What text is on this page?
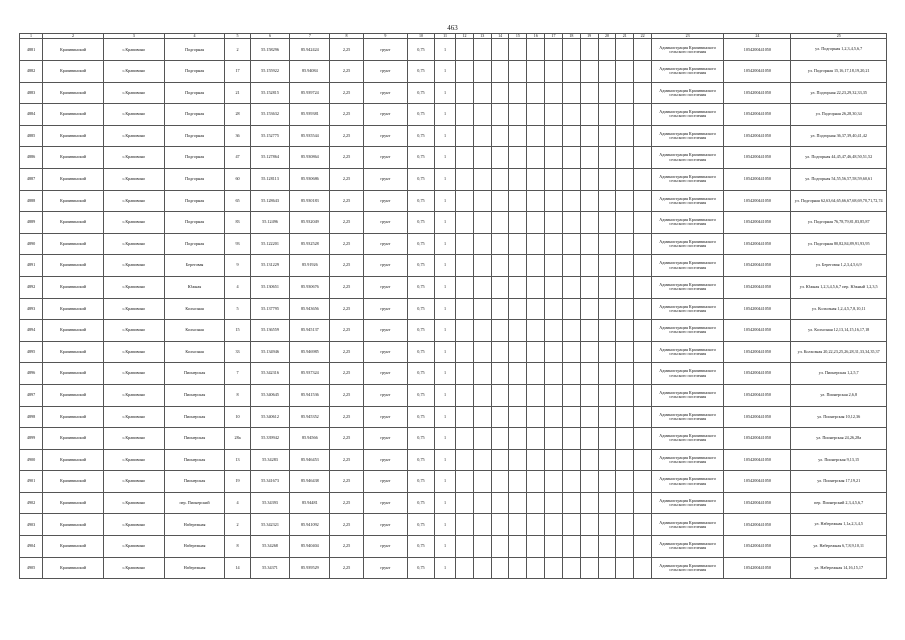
463
1	2	3	4	5	6	7	8	9	10	11	12	13	14	15	16	17	18	19	20	21	22	23	24	25
4881	Крапивинский	с.Крапивино	Подгорная	2	55.158296	85.942424	2,25	грунт	0,75	1												Администрация Крапивинского сельского поселения	1054200441050	ул. Подгорная 1,2,3,4,5,6,7
4882	Крапивинский	с.Крапивино	Подгорная	17	55.155922	85.94084	2,25	грунт	0,75	1												Администрация Крапивинского сельского поселения	1054200441050	ул. Подгорная 15,16,17,18,19,20,21
4883	Крапивинский	с.Крапивино	Подгорная	21	55.152815	85.939724	2,25	грунт	0,75	1												Администрация Крапивинского сельского поселения	1054200441050	ул. Подгорная 22,23,29,32,33,35
4884	Крапивинский	с.Крапивино	Подгорная	28	55.153632	85.939381	2,25	грунт	0,75	1												Администрация Крапивинского сельского поселения	1054200441050	ул. Подгорная 26,28,30,34
4885	Крапивинский	с.Крапивино	Подгорная	36	55.152775	85.935544	2,25	грунт	0,75	1												Администрация Крапивинского сельского поселения	1054200441050	ул. Подгорная 36,37,39,40,41,42
4886	Крапивинский	с.Крапивино	Подгорная	47	55.127864	85.930864	2,25	грунт	0,75	1												Администрация Крапивинского сельского поселения	1054200441050	ул. Подгорная 44,45,47,46,48,50,51,52
4887	Крапивинский	с.Крапивино	Подгорная	60	55.128113	85.930686	2,25	грунт	0,75	1												Администрация Крапивинского сельского поселения	1054200441050	ул. Подгорная 54,55,56,57,58,59,60,61
4888	Крапивинский	с.Крапивино	Подгорная	65	55.128643	85.930183	2,25	грунт	0,75	1												Администрация Крапивинского сельского поселения	1054200441050	ул. Подгорная 62,63,64,65,66,67,68,69,70,71,72,74
4889	Крапивинский	с.Крапивино	Подгорная	83	55.12496	85.932049	2,25	грунт	0,75	1												Администрация Крапивинского сельского поселения	1054200441050	ул. Подгорная 76,78,79,81,83,85,87
4890	Крапивинский	с.Крапивино	Подгорная	93	55.122201	85.932528	2,25	грунт	0,75	1												Администрация Крапивинского сельского поселения	1054200441050	ул. Подгорная 80,82,84,89,91,93,95
4891	Крапивинский	с.Крапивино	Береговая	9	55.131229	85.91926	2,25	грунт	0,75	1												Администрация Крапивинского сельского поселения	1054200441050	ул. Береговая 1,2,3,4,5,6,9
4892	Крапивинский	с.Крапивино	Южная	4	55.130651	85.930676	2,25	грунт	0,75	1												Администрация Крапивинского сельского поселения	1054200441050	ул. Южная 1,2,3,4,5,6,7 пер. Южный 1,2,3,5
4893	Крапивинский	с.Крапивино	Колхозная	5	55.137795	85.943656	2,25	грунт	0,75	1												Администрация Крапивинского сельского поселения	1054200441050	ул. Колхозная 1,2,4,5,7,8,10,11
4894	Крапивинский	с.Крапивино	Колхозная	15	55.136559	85.945137	2,25	грунт	0,75	1												Администрация Крапивинского сельского поселения	1054200441050	ул. Колхозная 12,13,14,15,16,17,18
4895	Крапивинский	с.Крапивино	Колхозная	33	55.134946	85.946985	2,25	грунт	0,75	1												Администрация Крапивинского сельского поселения	1054200441050	ул. Колхозная 20,22,23,25,26,28,31,33,34,35,37
4896	Крапивинский	с.Крапивино	Пионерская	7	55.342316	85.937324	2,25	грунт	0,75	1												Администрация Крапивинского сельского поселения	1054200441050	ул. Пионерская 1,2,5,7
4897	Крапивинский	с.Крапивино	Пионерская	8	55.340645	85.941536	2,25	грунт	0,75	1												Администрация Крапивинского сельского поселения	1054200441050	ул. Пионерская 2,6,8
4898	Крапивинский	с.Крапивино	Пионерская	10	55.340612	85.945352	2,25	грунт	0,75	1												Администрация Крапивинского сельского поселения	1054200441050	ул. Пионерская 10,12,36
4899	Крапивинский	с.Крапивино	Пионерская	28а	55.339942	85.94566	2,25	грунт	0,75	1												Администрация Крапивинского сельского поселения	1054200441050	ул. Пионерская 24,26,28а
4900	Крапивинский	с.Крапивино	Пионерская	13	55.34283	85.946453	2,25	грунт	0,75	1												Администрация Крапивинского сельского поселения	1054200441050	ул. Пионерская 9,13,15
4901	Крапивинский	с.Крапивино	Пионерская	19	55.341673	85.946438	2,25	грунт	0,75	1												Администрация Крапивинского сельского поселения	1054200441050	ул. Пионерская 17,19,21
4902	Крапивинский	с.Крапивино	пер. Пионерский	4	55.34393	85.94481	2,25	грунт	0,75	1												Администрация Крапивинского сельского поселения	1054200441050	пер. Пионерский 2,3,4,5,6,7
4903	Крапивинский	с.Крапивино	Набережная	2	55.342321	85.941092	2,25	грунт	0,75	1												Администрация Крапивинского сельского поселения	1054200441050	ул. Набережная 1,1а,2,3,4,5
4904	Крапивинский	с.Крапивино	Набережная	8	55.34268	85.940404	2,25	грунт	0,75	1												Администрация Крапивинского сельского поселения	1054200441050	ул. Набережная 6,7,8,9,10,11
4905	Крапивинский	с.Крапивино	Набережная	14	55.34371	85.939529	2,25	грунт	0,75	1												Администрация Крапивинского сельского поселения	1054200441050	ул. Набережная 14,16,15,17
